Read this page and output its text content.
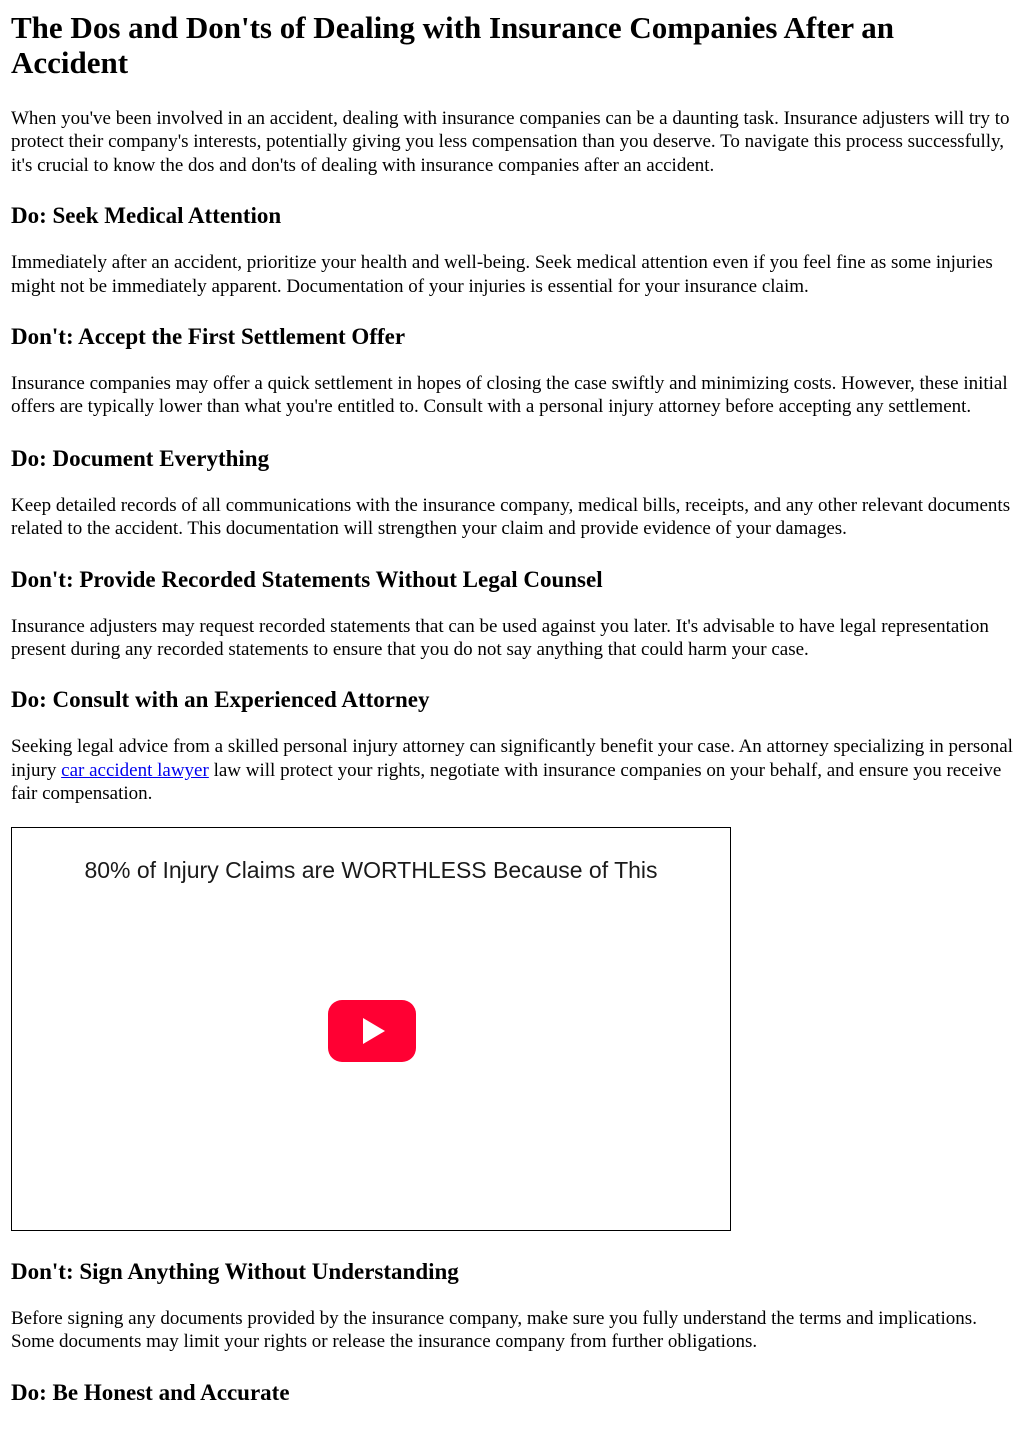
The Dos and Don'ts of Dealing with Insurance Companies After an Accident

When you've been involved in an accident, dealing with insurance companies can be a daunting task. Insurance adjusters will try to protect their company's interests, potentially giving you less compensation than you deserve. To navigate this process successfully, it's crucial to know the dos and don'ts of dealing with insurance companies after an accident.

Do: Seek Medical Attention

Immediately after an accident, prioritize your health and well-being. Seek medical attention even if you feel fine as some injuries might not be immediately apparent. Documentation of your injuries is essential for your insurance claim.

Don't: Accept the First Settlement Offer

Insurance companies may offer a quick settlement in hopes of closing the case swiftly and minimizing costs. However, these initial offers are typically lower than what you're entitled to. Consult with a personal injury attorney before accepting any settlement.

Do: Document Everything

Keep detailed records of all communications with the insurance company, medical bills, receipts, and any other relevant documents related to the accident. This documentation will strengthen your claim and provide evidence of your damages.

Don't: Provide Recorded Statements Without Legal Counsel

Insurance adjusters may request recorded statements that can be used against you later. It's advisable to have legal representation present during any recorded statements to ensure that you do not say anything that could harm your case.

Do: Consult with an Experienced Attorney

Seeking legal advice from a skilled personal injury attorney can significantly benefit your case. An attorney specializing in personal injury car accident lawyer law will protect your rights, negotiate with insurance companies on your behalf, and ensure you receive fair compensation.

80% of Injury Claims are WORTHLESS Because of This
Don't: Sign Anything Without Understanding

Before signing any documents provided by the insurance company, make sure you fully understand the terms and implications. Some documents may limit your rights or release the insurance company from further obligations.

Do: Be Honest and Accurate
